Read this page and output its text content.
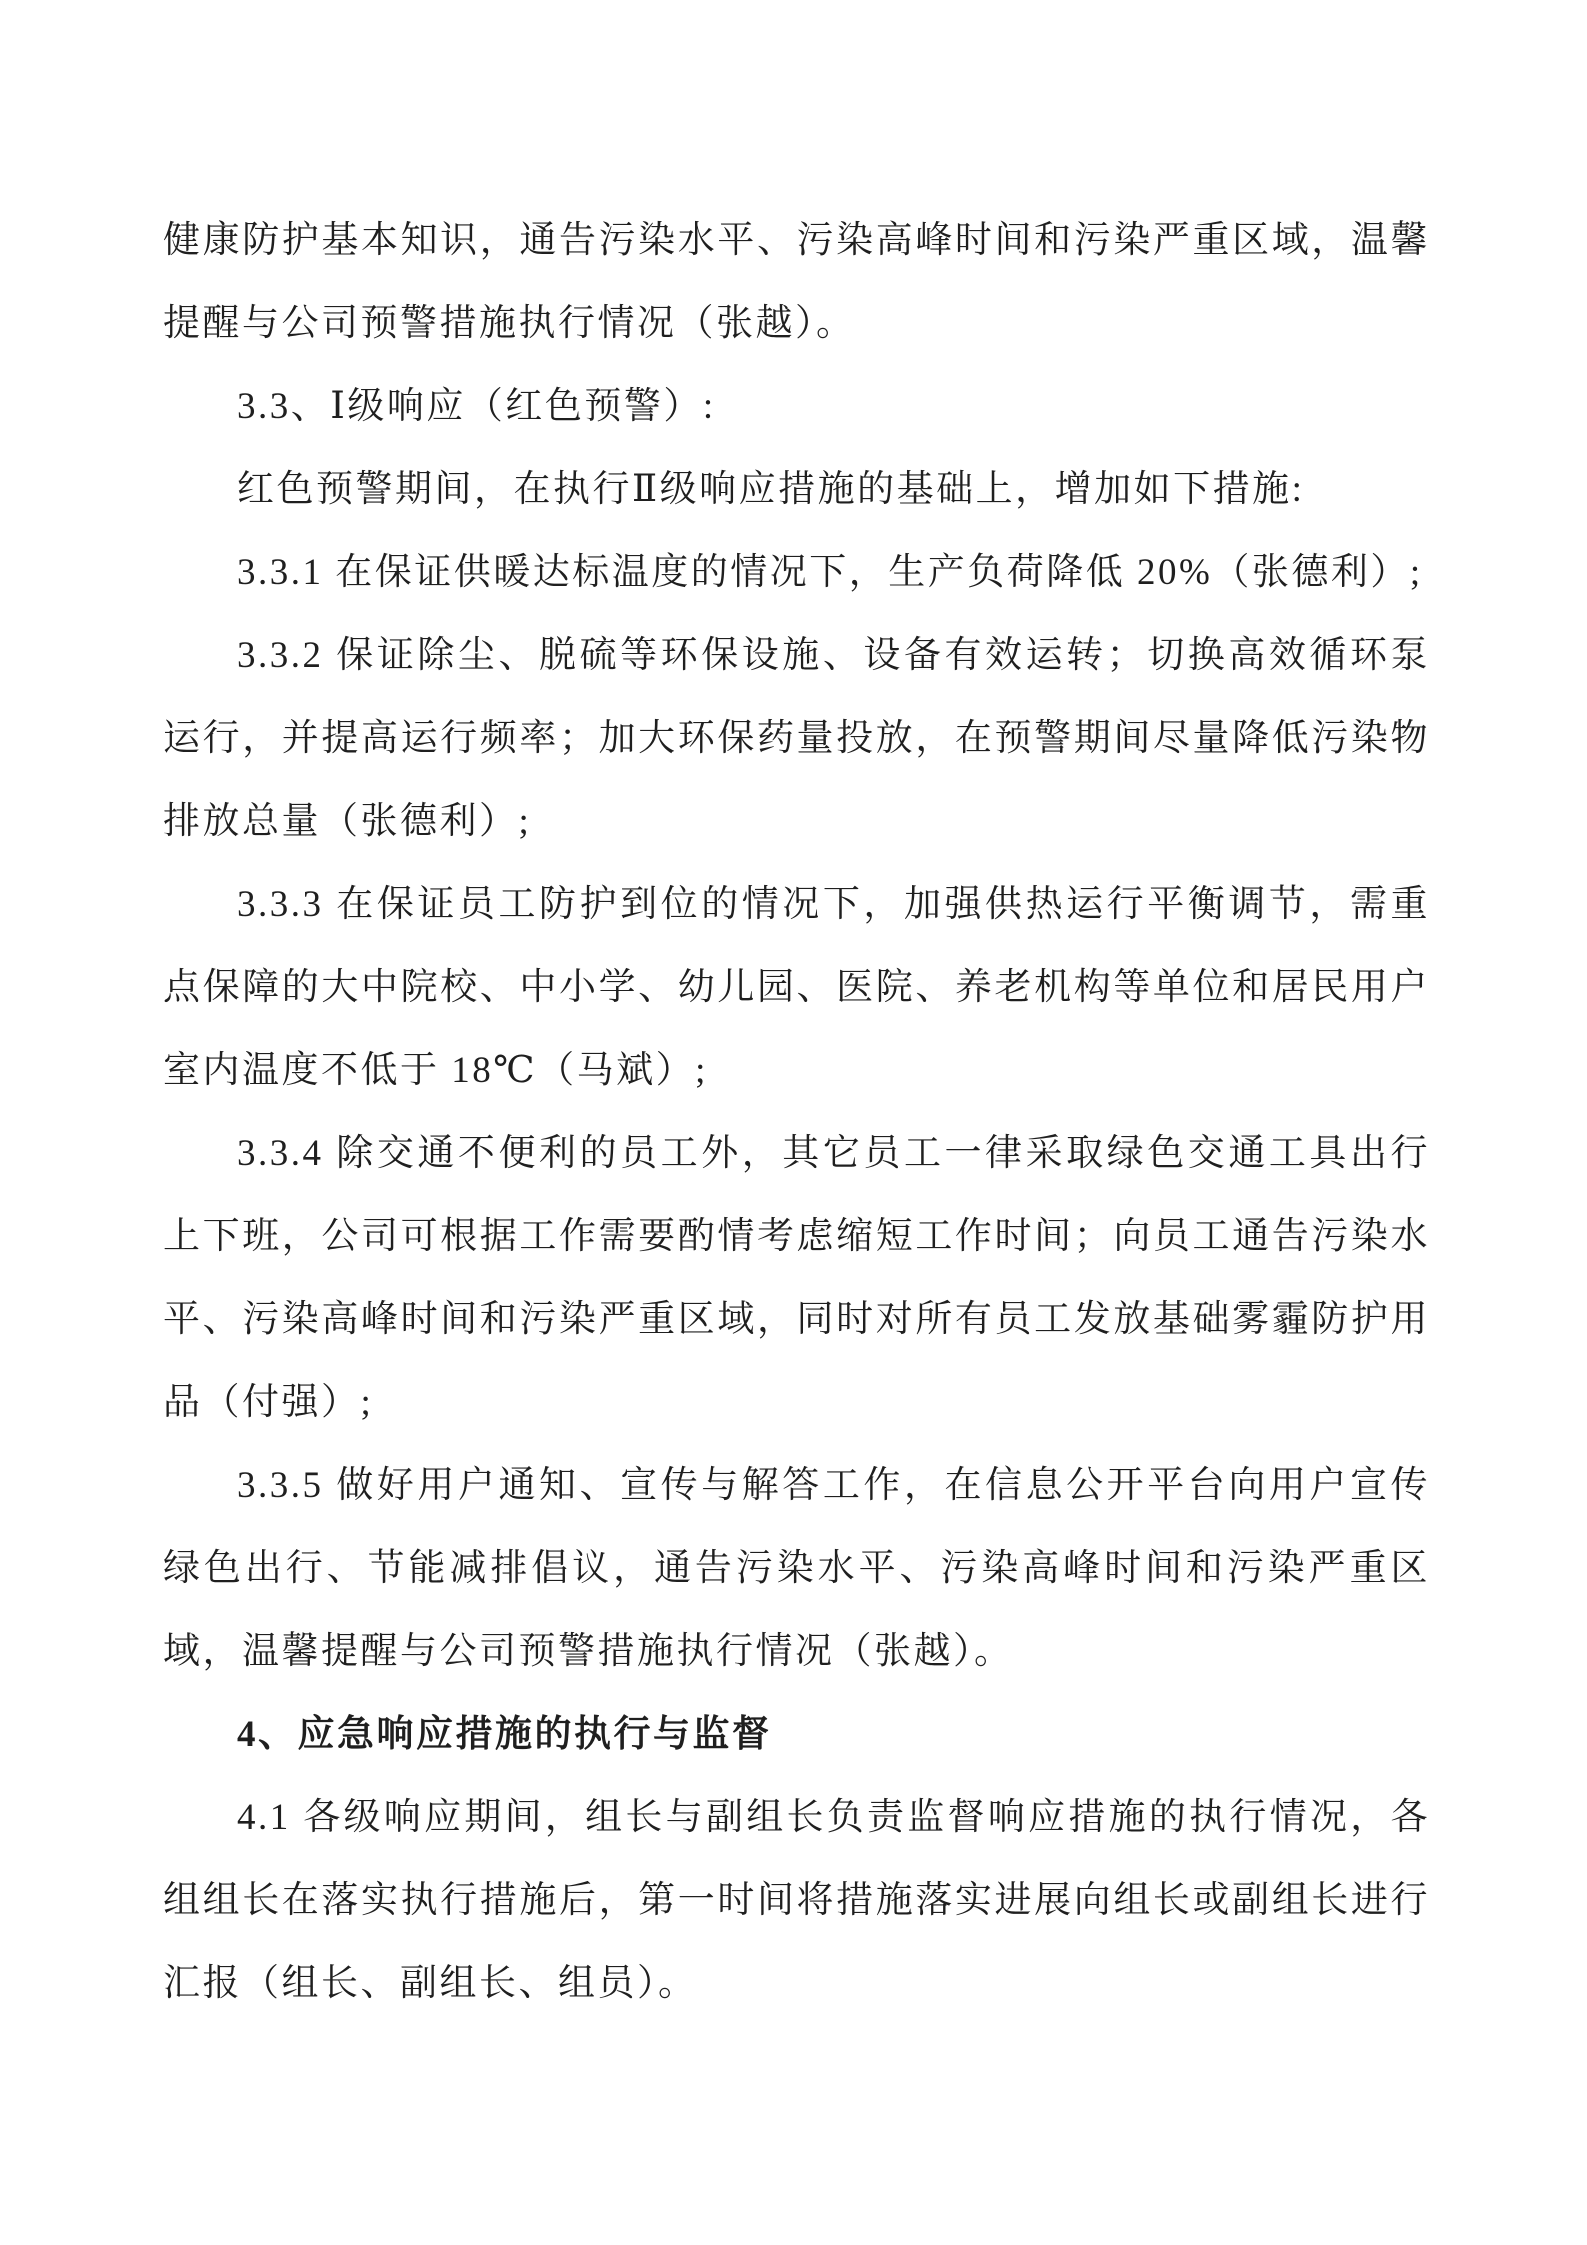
健康防护基本知识，通告污染水平、污染高峰时间和污染严重区域，温馨提醒与公司预警措施执行情况（张越）。

3.3、Ⅰ级响应（红色预警）:

红色预警期间，在执行Ⅱ级响应措施的基础上，增加如下措施:

3.3.1 在保证供暖达标温度的情况下，生产负荷降低 20%（张德利）;

3.3.2 保证除尘、脱硫等环保设施、设备有效运转；切换高效循环泵运行，并提高运行频率；加大环保药量投放，在预警期间尽量降低污染物排放总量（张德利）;

3.3.3 在保证员工防护到位的情况下，加强供热运行平衡调节，需重点保障的大中院校、中小学、幼儿园、医院、养老机构等单位和居民用户室内温度不低于 18℃（马斌）;

3.3.4 除交通不便利的员工外，其它员工一律采取绿色交通工具出行上下班，公司可根据工作需要酌情考虑缩短工作时间；向员工通告污染水平、污染高峰时间和污染严重区域，同时对所有员工发放基础雾霾防护用品（付强）;

3.3.5 做好用户通知、宣传与解答工作，在信息公开平台向用户宣传绿色出行、节能减排倡议，通告污染水平、污染高峰时间和污染严重区域，温馨提醒与公司预警措施执行情况（张越）。

4、应急响应措施的执行与监督

4.1 各级响应期间，组长与副组长负责监督响应措施的执行情况，各组组长在落实执行措施后，第一时间将措施落实进展向组长或副组长进行汇报（组长、副组长、组员）。
